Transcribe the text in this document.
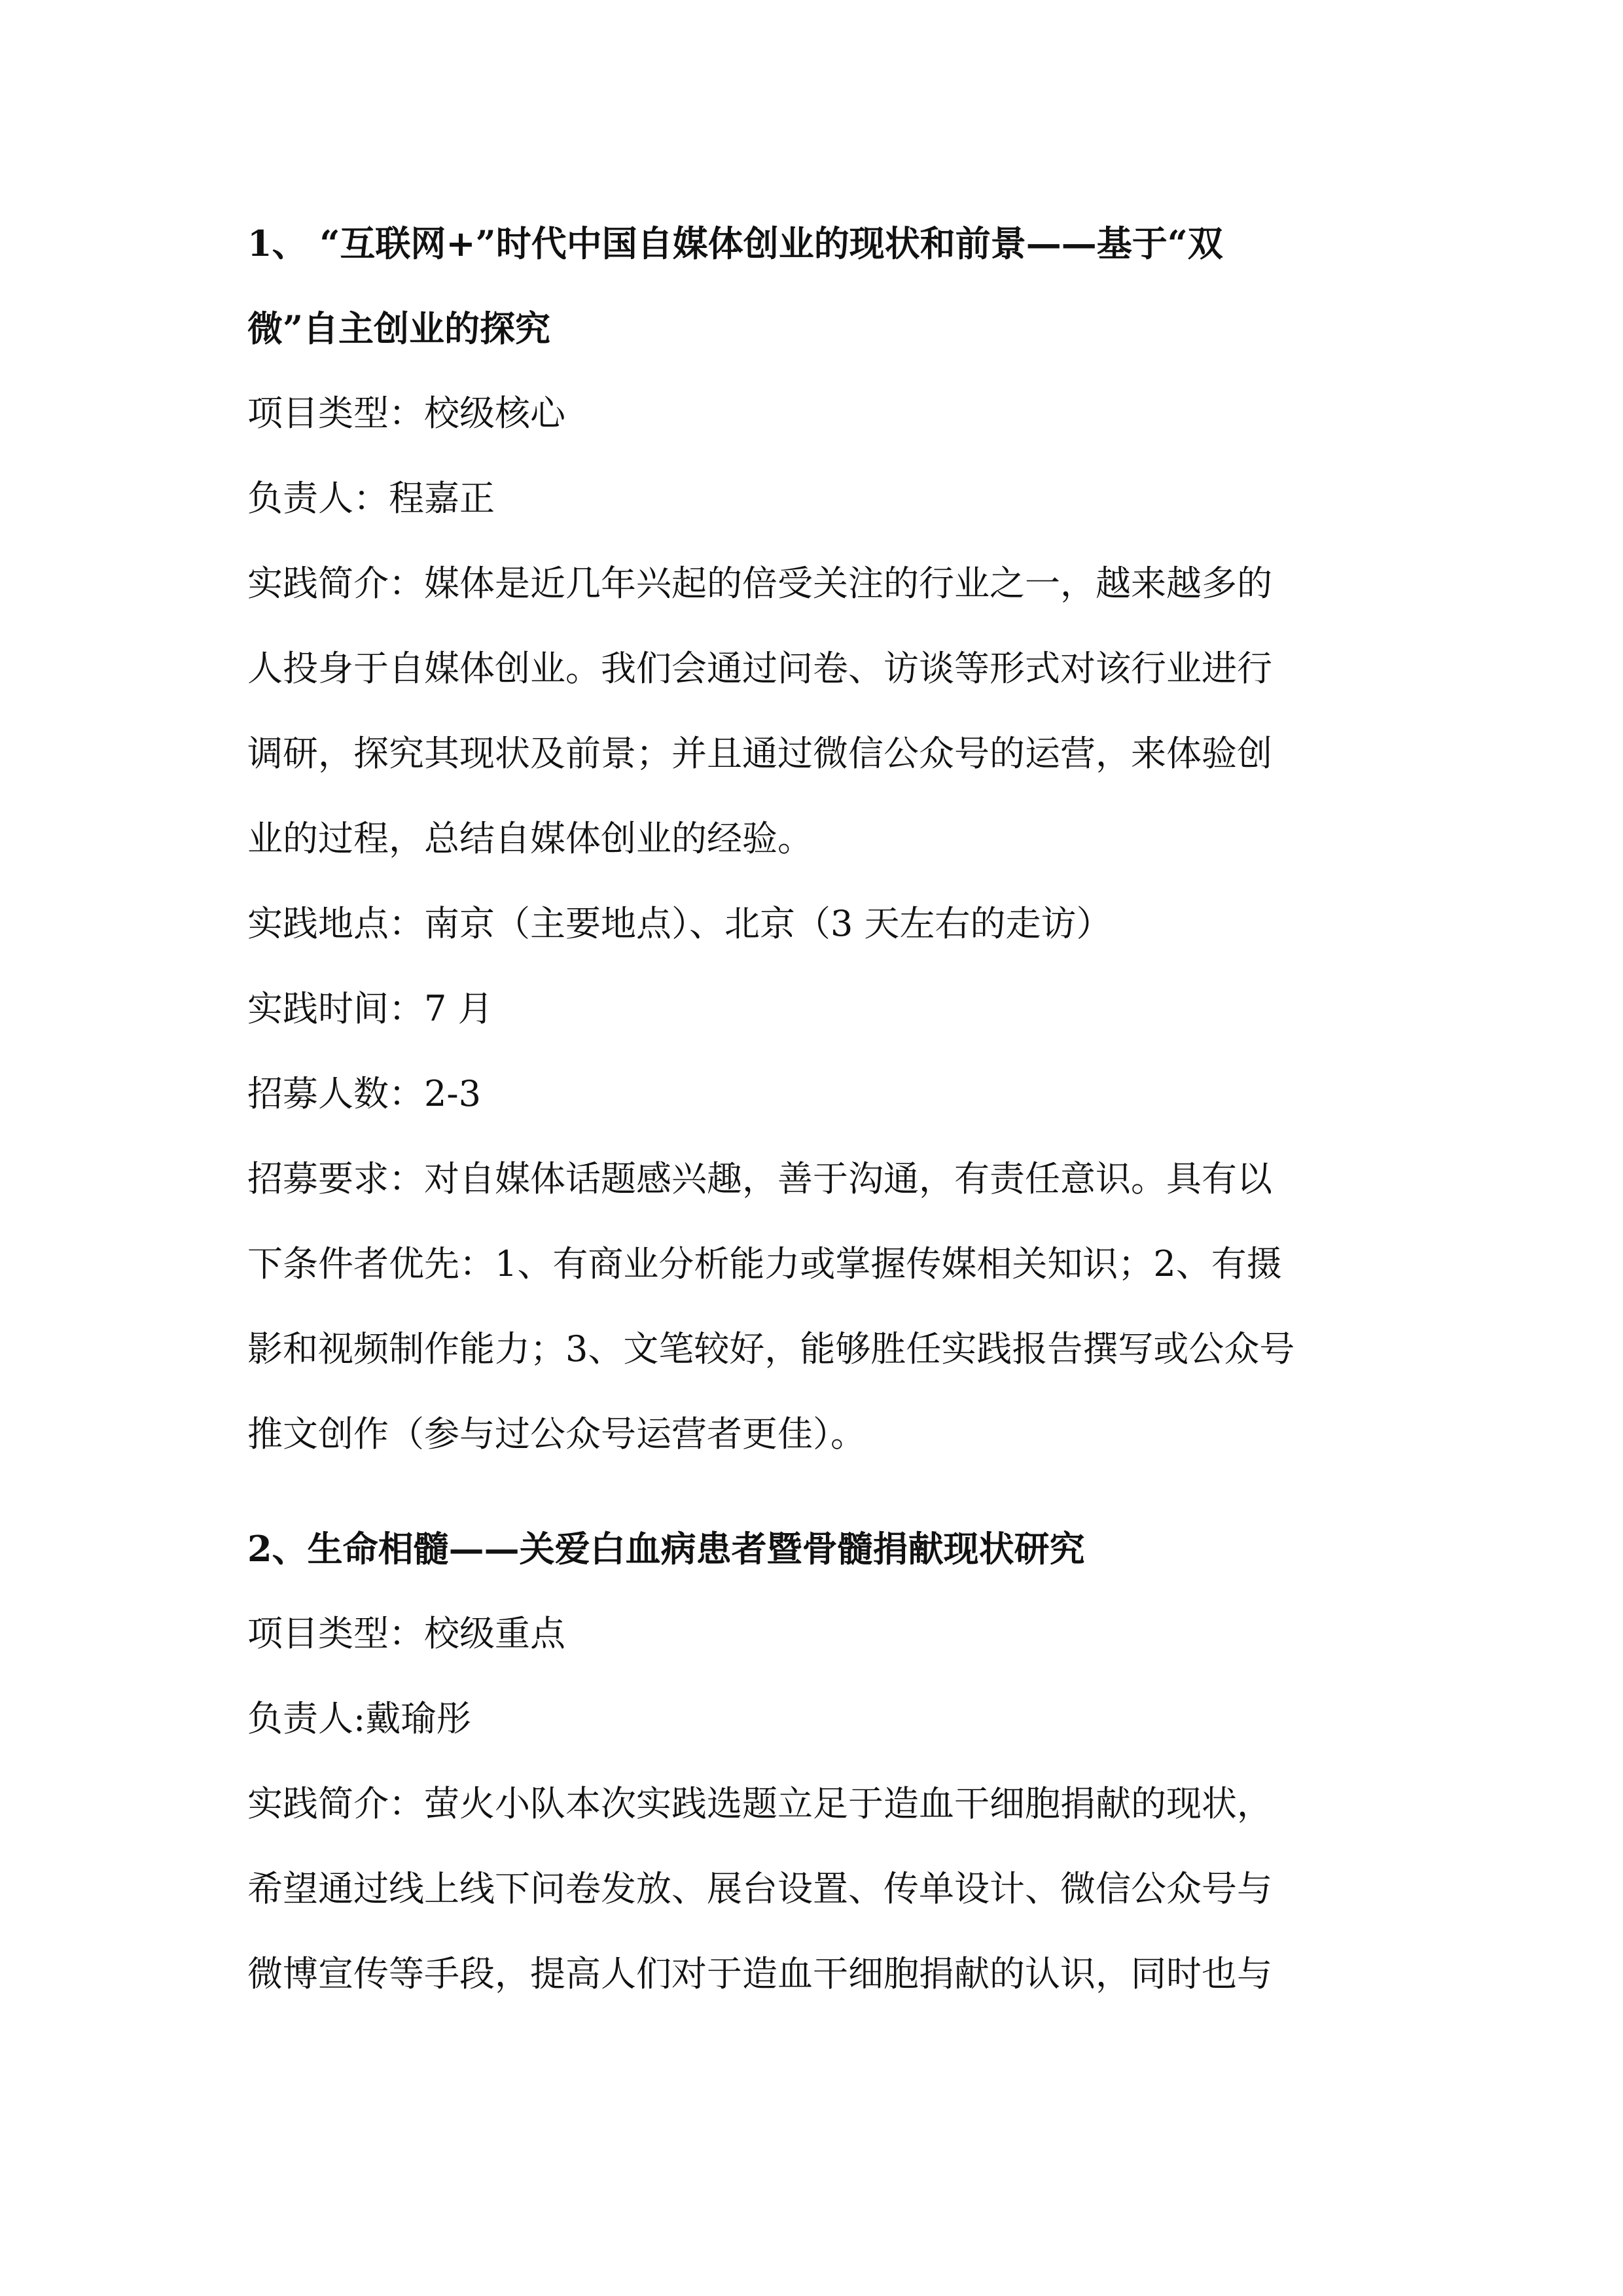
1、 “互联网+”时代中国自媒体创业的现状和前景——基于“双

微”自主创业的探究

项目类型：校级核心

负责人：程嘉正

实践简介：媒体是近几年兴起的倍受关注的行业之一，越来越多的

人投身于自媒体创业。我们会通过问卷、访谈等形式对该行业进行

调研，探究其现状及前景；并且通过微信公众号的运营，来体验创

业的过程，总结自媒体创业的经验。

实践地点：南京（主要地点）、北京（3 天左右的走访）

实践时间：7 月

招募人数：2-3

招募要求：对自媒体话题感兴趣，善于沟通，有责任意识。具有以

下条件者优先：1、有商业分析能力或掌握传媒相关知识；2、有摄

影和视频制作能力；3、文笔较好，能够胜任实践报告撰写或公众号

推文创作（参与过公众号运营者更佳）。

2、生命相髓——关爱白血病患者暨骨髓捐献现状研究

项目类型：校级重点

负责人:戴瑜彤

实践简介：萤火小队本次实践选题立足于造血干细胞捐献的现状，

希望通过线上线下问卷发放、展台设置、传单设计、微信公众号与

微博宣传等手段，提高人们对于造血干细胞捐献的认识，同时也与
